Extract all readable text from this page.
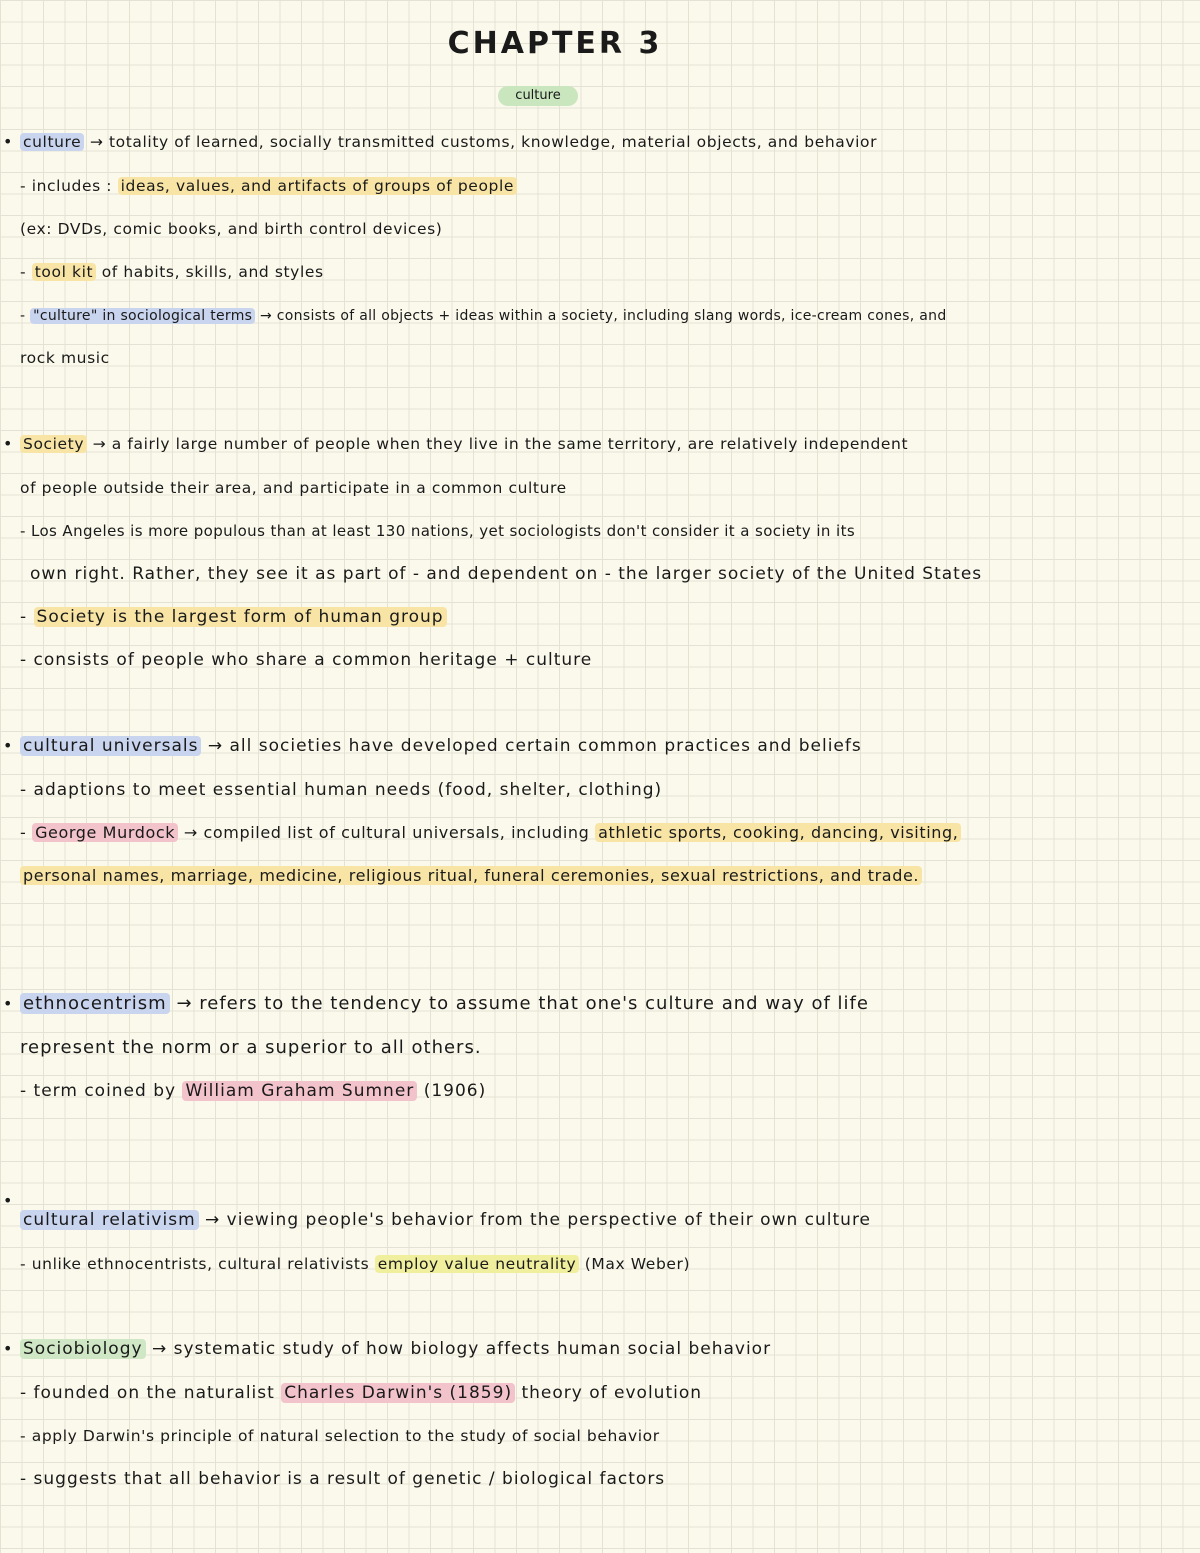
CHAPTER 3
culture
• culture → totality of learned, socially transmitted customs, knowledge, material objects, and behavior
- includes : ideas, values, and artifacts of groups of people
(ex: DVDs, comic books, and birth control devices)
- tool kit of habits, skills, and styles
- "culture" in sociological terms → consists of all objects + ideas within a society, including slang words, ice-cream cones, and
rock music
• Society → a fairly large number of people when they live in the same territory, are relatively independent
of people outside their area, and participate in a common culture
- Los Angeles is more populous than at least 130 nations, yet sociologists don't consider it a society in its
own right. Rather, they see it as part of - and dependent on - the larger society of the United States
- Society is the largest form of human group
- consists of people who share a common heritage + culture
• cultural universals → all societies have developed certain common practices and beliefs
- adaptions to meet essential human needs (food, shelter, clothing)
- George Murdock → compiled list of cultural universals, including athletic sports, cooking, dancing, visiting,
personal names, marriage, medicine, religious ritual, funeral ceremonies, sexual restrictions, and trade.
• ethnocentrism → refers to the tendency to assume that one's culture and way of life
represent the norm or a superior to all others.
- term coined by William Graham Sumner (1906)
•
cultural relativism → viewing people's behavior from the perspective of their own culture
- unlike ethnocentrists, cultural relativists employ value neutrality (Max Weber)
• Sociobiology → systematic study of how biology affects human social behavior
- founded on the naturalist Charles Darwin's (1859) theory of evolution
- apply Darwin's principle of natural selection to the study of social behavior
- suggests that all behavior is a result of genetic / biological factors
